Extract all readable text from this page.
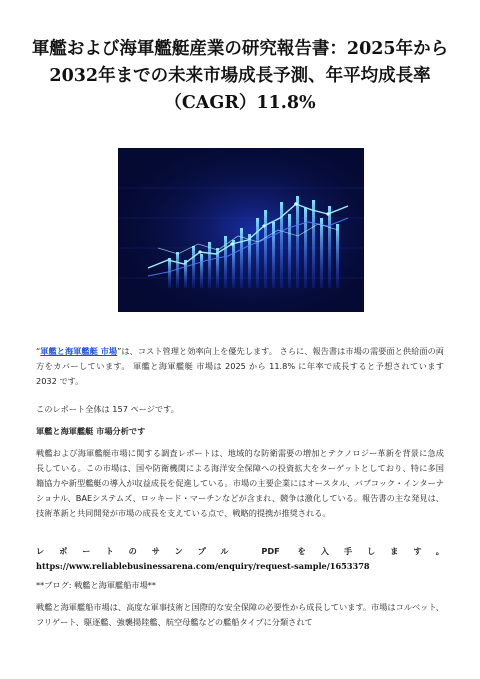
軍艦および海軍艦艇産業の研究報告書：2025年から2032年までの未来市場成長予測、年平均成長率（CAGR）11.8%

“軍艦と海軍艦艇 市場”は、コスト管理と効率向上を優先します。 さらに、報告書は市場の需要面と供給面の両方をカバーしています。 軍艦と海軍艦艇 市場は 2025 から 11.8% に年率で成長すると予想されています2032 です。

このレポート全体は 157 ページです。

軍艦と海軍艦艇 市場分析です

戦艦および海軍艦艇市場に関する調査レポートは、地域的な防衛需要の増加とテクノロジー革新を背景に急成長している。この市場は、国や防衛機関による海洋安全保障への投資拡大をターゲットとしており、特に多国籍協力や新型艦艇の導入が収益成長を促進している。市場の主要企業にはオースタル、バブコック・インターナショナル、BAEシステムズ、ロッキード・マーチンなどが含まれ、競争は激化している。報告書の主な発見は、技術革新と共同開発が市場の成長を支えている点で、戦略的提携が推奨される。

レポートのサンプル PDF を入手します。 https://www.reliablebusinessarena.com/enquiry/request-sample/1653378

**ブログ: 戦艦と海軍艦船市場**

戦艦と海軍艦船市場は、高度な軍事技術と国際的な安全保障の必要性から成長しています。市場はコルベット、フリゲート、駆逐艦、強襲揚陸艦、航空母艦などの艦船タイプに分類されて
